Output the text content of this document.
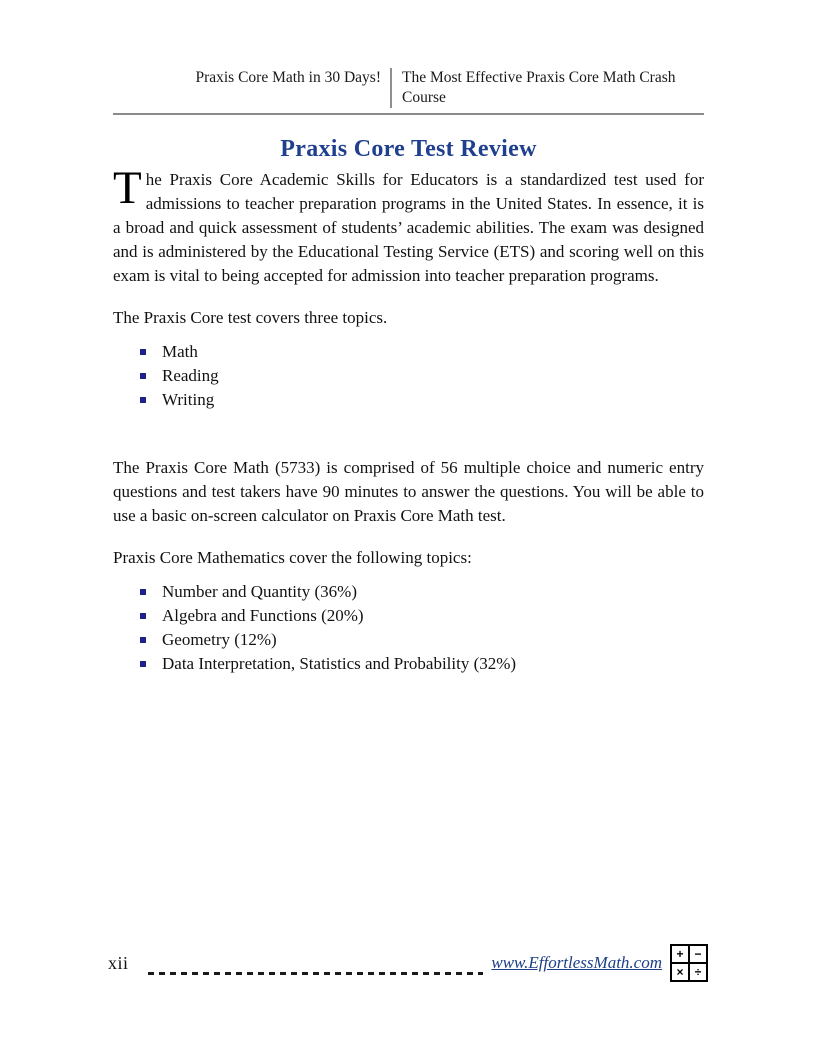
Praxis Core Math in 30 Days!	The Most Effective Praxis Core Math Crash Course
Praxis Core Test Review

The Praxis Core Academic Skills for Educators is a standardized test used for admissions to teacher preparation programs in the United States. In essence, it is a broad and quick assessment of students’ academic abilities. The exam was designed and is administered by the Educational Testing Service (ETS) and scoring well on this exam is vital to being accepted for admission into teacher preparation programs.

The Praxis Core test covers three topics.

Math
Reading
Writing

The Praxis Core Math (5733) is comprised of 56 multiple choice and numeric entry questions and test takers have 90 minutes to answer the questions. You will be able to use a basic on-screen calculator on Praxis Core Math test.

Praxis Core Mathematics cover the following topics:

Number and Quantity (36%)
Algebra and Functions (20%)
Geometry (12%)
Data Interpretation, Statistics and Probability (32%)
xii	www.EffortlessMath.com	+ −
× ÷
